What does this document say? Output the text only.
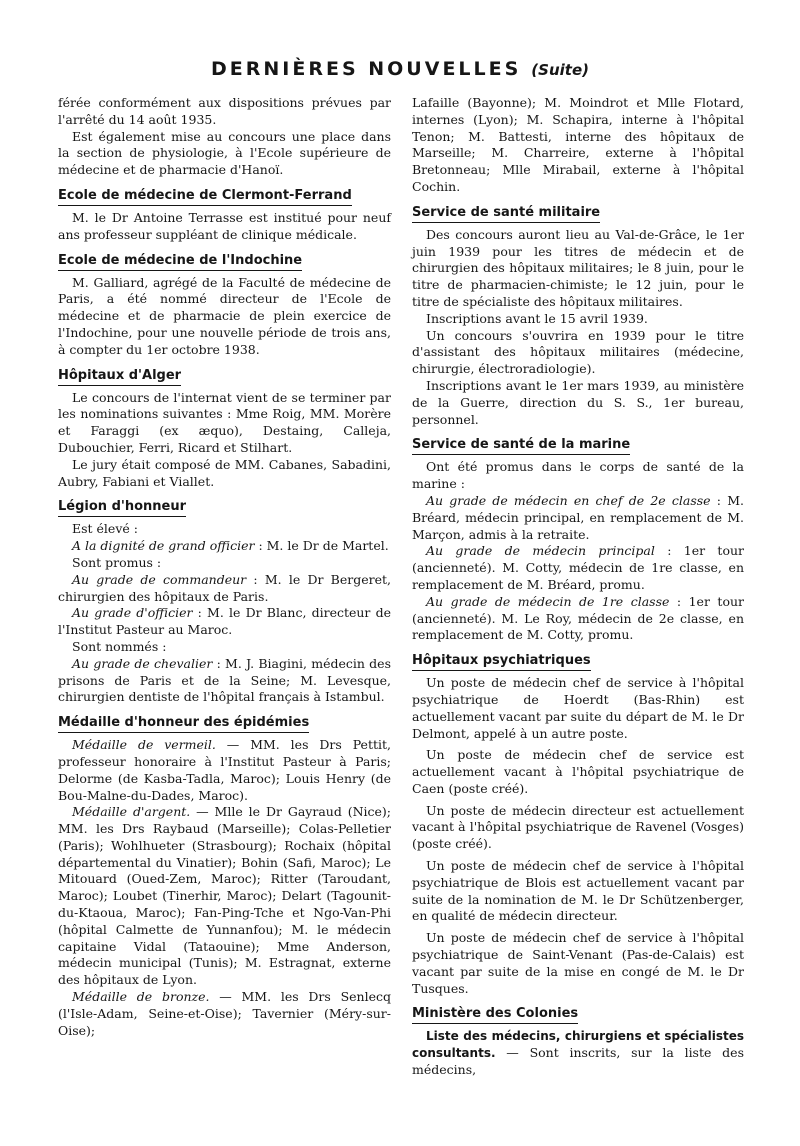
DERNIÈRES NOUVELLES (Suite)

férée conformément aux dispositions prévues par l'arrêté du 14 août 1935.

Est également mise au concours une place dans la section de physiologie, à l'Ecole supérieure de médecine et de pharmacie d'Hanoï.

Ecole de médecine de Clermont-Ferrand

M. le Dr Antoine Terrasse est institué pour neuf ans professeur suppléant de clinique médicale.

Ecole de médecine de l'Indochine

M. Galliard, agrégé de la Faculté de médecine de Paris, a été nommé directeur de l'Ecole de médecine et de pharmacie de plein exercice de l'Indochine, pour une nouvelle période de trois ans, à compter du 1er octobre 1938.

Hôpitaux d'Alger

Le concours de l'internat vient de se terminer par les nominations suivantes : Mme Roig, MM. Morère et Faraggi (ex æquo), Destaing, Calleja, Dubouchier, Ferri, Ricard et Stilhart.

Le jury était composé de MM. Cabanes, Sabadini, Aubry, Fabiani et Viallet.

Légion d'honneur

Est élevé :

A la dignité de grand officier : M. le Dr de Martel.

Sont promus :

Au grade de commandeur : M. le Dr Bergeret, chirurgien des hôpitaux de Paris.

Au grade d'officier : M. le Dr Blanc, directeur de l'Institut Pasteur au Maroc.

Sont nommés :

Au grade de chevalier : M. J. Biagini, médecin des prisons de Paris et de la Seine; M. Levesque, chirurgien dentiste de l'hôpital français à Istambul.

Médaille d'honneur des épidémies

Médaille de vermeil. — MM. les Drs Pettit, professeur honoraire à l'Institut Pasteur à Paris; Delorme (de Kasba-Tadla, Maroc); Louis Henry (de Bou-Malne-du-Dades, Maroc).

Médaille d'argent. — Mlle le Dr Gayraud (Nice); MM. les Drs Raybaud (Marseille); Colas-Pelletier (Paris); Wohlhueter (Strasbourg); Rochaix (hôpital départemental du Vinatier); Bohin (Safi, Maroc); Le Mitouard (Oued-Zem, Maroc); Ritter (Taroudant, Maroc); Loubet (Tinerhir, Maroc); Delart (Tagounit-du-Ktaoua, Maroc); Fan-Ping-Tche et Ngo-Van-Phi (hôpital Calmette de Yunnanfou); M. le médecin capitaine Vidal (Tataouine); Mme Anderson, médecin municipal (Tunis); M. Estragnat, externe des hôpitaux de Lyon.

Médaille de bronze. — MM. les Drs Senlecq (l'Isle-Adam, Seine-et-Oise); Tavernier (Méry-sur-Oise);

Lafaille (Bayonne); M. Moindrot et Mlle Flotard, internes (Lyon); M. Schapira, interne à l'hôpital Tenon; M. Battesti, interne des hôpitaux de Marseille; M. Charreire, externe à l'hôpital Bretonneau; Mlle Mirabail, externe à l'hôpital Cochin.

Service de santé militaire

Des concours auront lieu au Val-de-Grâce, le 1er juin 1939 pour les titres de médecin et de chirurgien des hôpitaux militaires; le 8 juin, pour le titre de pharmacien-chimiste; le 12 juin, pour le titre de spécialiste des hôpitaux militaires.

Inscriptions avant le 15 avril 1939.

Un concours s'ouvrira en 1939 pour le titre d'assistant des hôpitaux militaires (médecine, chirurgie, électroradiologie).

Inscriptions avant le 1er mars 1939, au ministère de la Guerre, direction du S. S., 1er bureau, personnel.

Service de santé de la marine

Ont été promus dans le corps de santé de la marine :

Au grade de médecin en chef de 2e classe : M. Bréard, médecin principal, en remplacement de M. Marçon, admis à la retraite.

Au grade de médecin principal : 1er tour (ancienneté). M. Cotty, médecin de 1re classe, en remplacement de M. Bréard, promu.

Au grade de médecin de 1re classe : 1er tour (ancienneté). M. Le Roy, médecin de 2e classe, en remplacement de M. Cotty, promu.

Hôpitaux psychiatriques

Un poste de médecin chef de service à l'hôpital psychiatrique de Hoerdt (Bas-Rhin) est actuellement vacant par suite du départ de M. le Dr Delmont, appelé à un autre poste.

Un poste de médecin chef de service est actuellement vacant à l'hôpital psychiatrique de Caen (poste créé).

Un poste de médecin directeur est actuellement vacant à l'hôpital psychiatrique de Ravenel (Vosges) (poste créé).

Un poste de médecin chef de service à l'hôpital psychiatrique de Blois est actuellement vacant par suite de la nomination de M. le Dr Schützenberger, en qualité de médecin directeur.

Un poste de médecin chef de service à l'hôpital psychiatrique de Saint-Venant (Pas-de-Calais) est vacant par suite de la mise en congé de M. le Dr Tusques.

Ministère des Colonies

Liste des médecins, chirurgiens et spécialistes consultants. — Sont inscrits, sur la liste des médecins,
